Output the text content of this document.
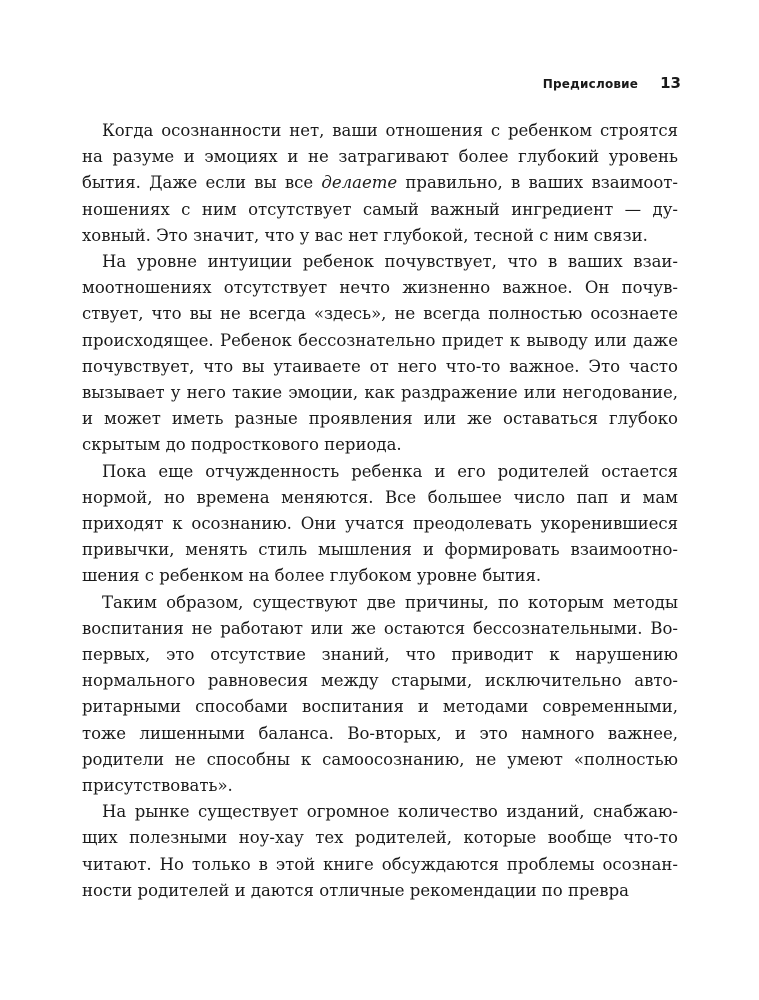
Предисловие 13

Когда осознанности нет, ваши отношения с ребенком строятся на разуме и эмоциях и не затрагивают более глубокий уровень бытия. Даже если вы все делаете правильно, в ваших взаимоотношениях с ним отсутствует самый важный ингредиент — духовный. Это значит, что у вас нет глубокой, тесной с ним связи.

На уровне интуиции ребенок почувствует, что в ваших взаимоотношениях отсутствует нечто жизненно важное. Он почувствует, что вы не всегда «здесь», не всегда полностью осознаете происходящее. Ребенок бессознательно придет к выводу или даже почувствует, что вы утаиваете от него что-то важное. Это часто вызывает у него такие эмоции, как раздражение или негодование, и может иметь разные проявления или же оставаться глубоко скрытым до подросткового периода.

Пока еще отчужденность ребенка и его родителей остается нормой, но времена меняются. Все большее число пап и мам приходят к осознанию. Они учатся преодолевать укоренившиеся привычки, менять стиль мышления и формировать взаимоотношения с ребенком на более глубоком уровне бытия.

Таким образом, существуют две причины, по которым методы воспитания не работают или же остаются бессознательными. Во-первых, это отсутствие знаний, что приводит к нарушению нормального равновесия между старыми, исключительно авторитарными способами воспитания и методами современными, тоже лишенными баланса. Во-вторых, и это намного важнее, родители не способны к самоосознанию, не умеют «полностью присутствовать».

На рынке существует огромное количество изданий, снабжающих полезными ноу-хау тех родителей, которые вообще что-то читают. Но только в этой книге обсуждаются проблемы осознанности родителей и даются отличные рекомендации по превра
